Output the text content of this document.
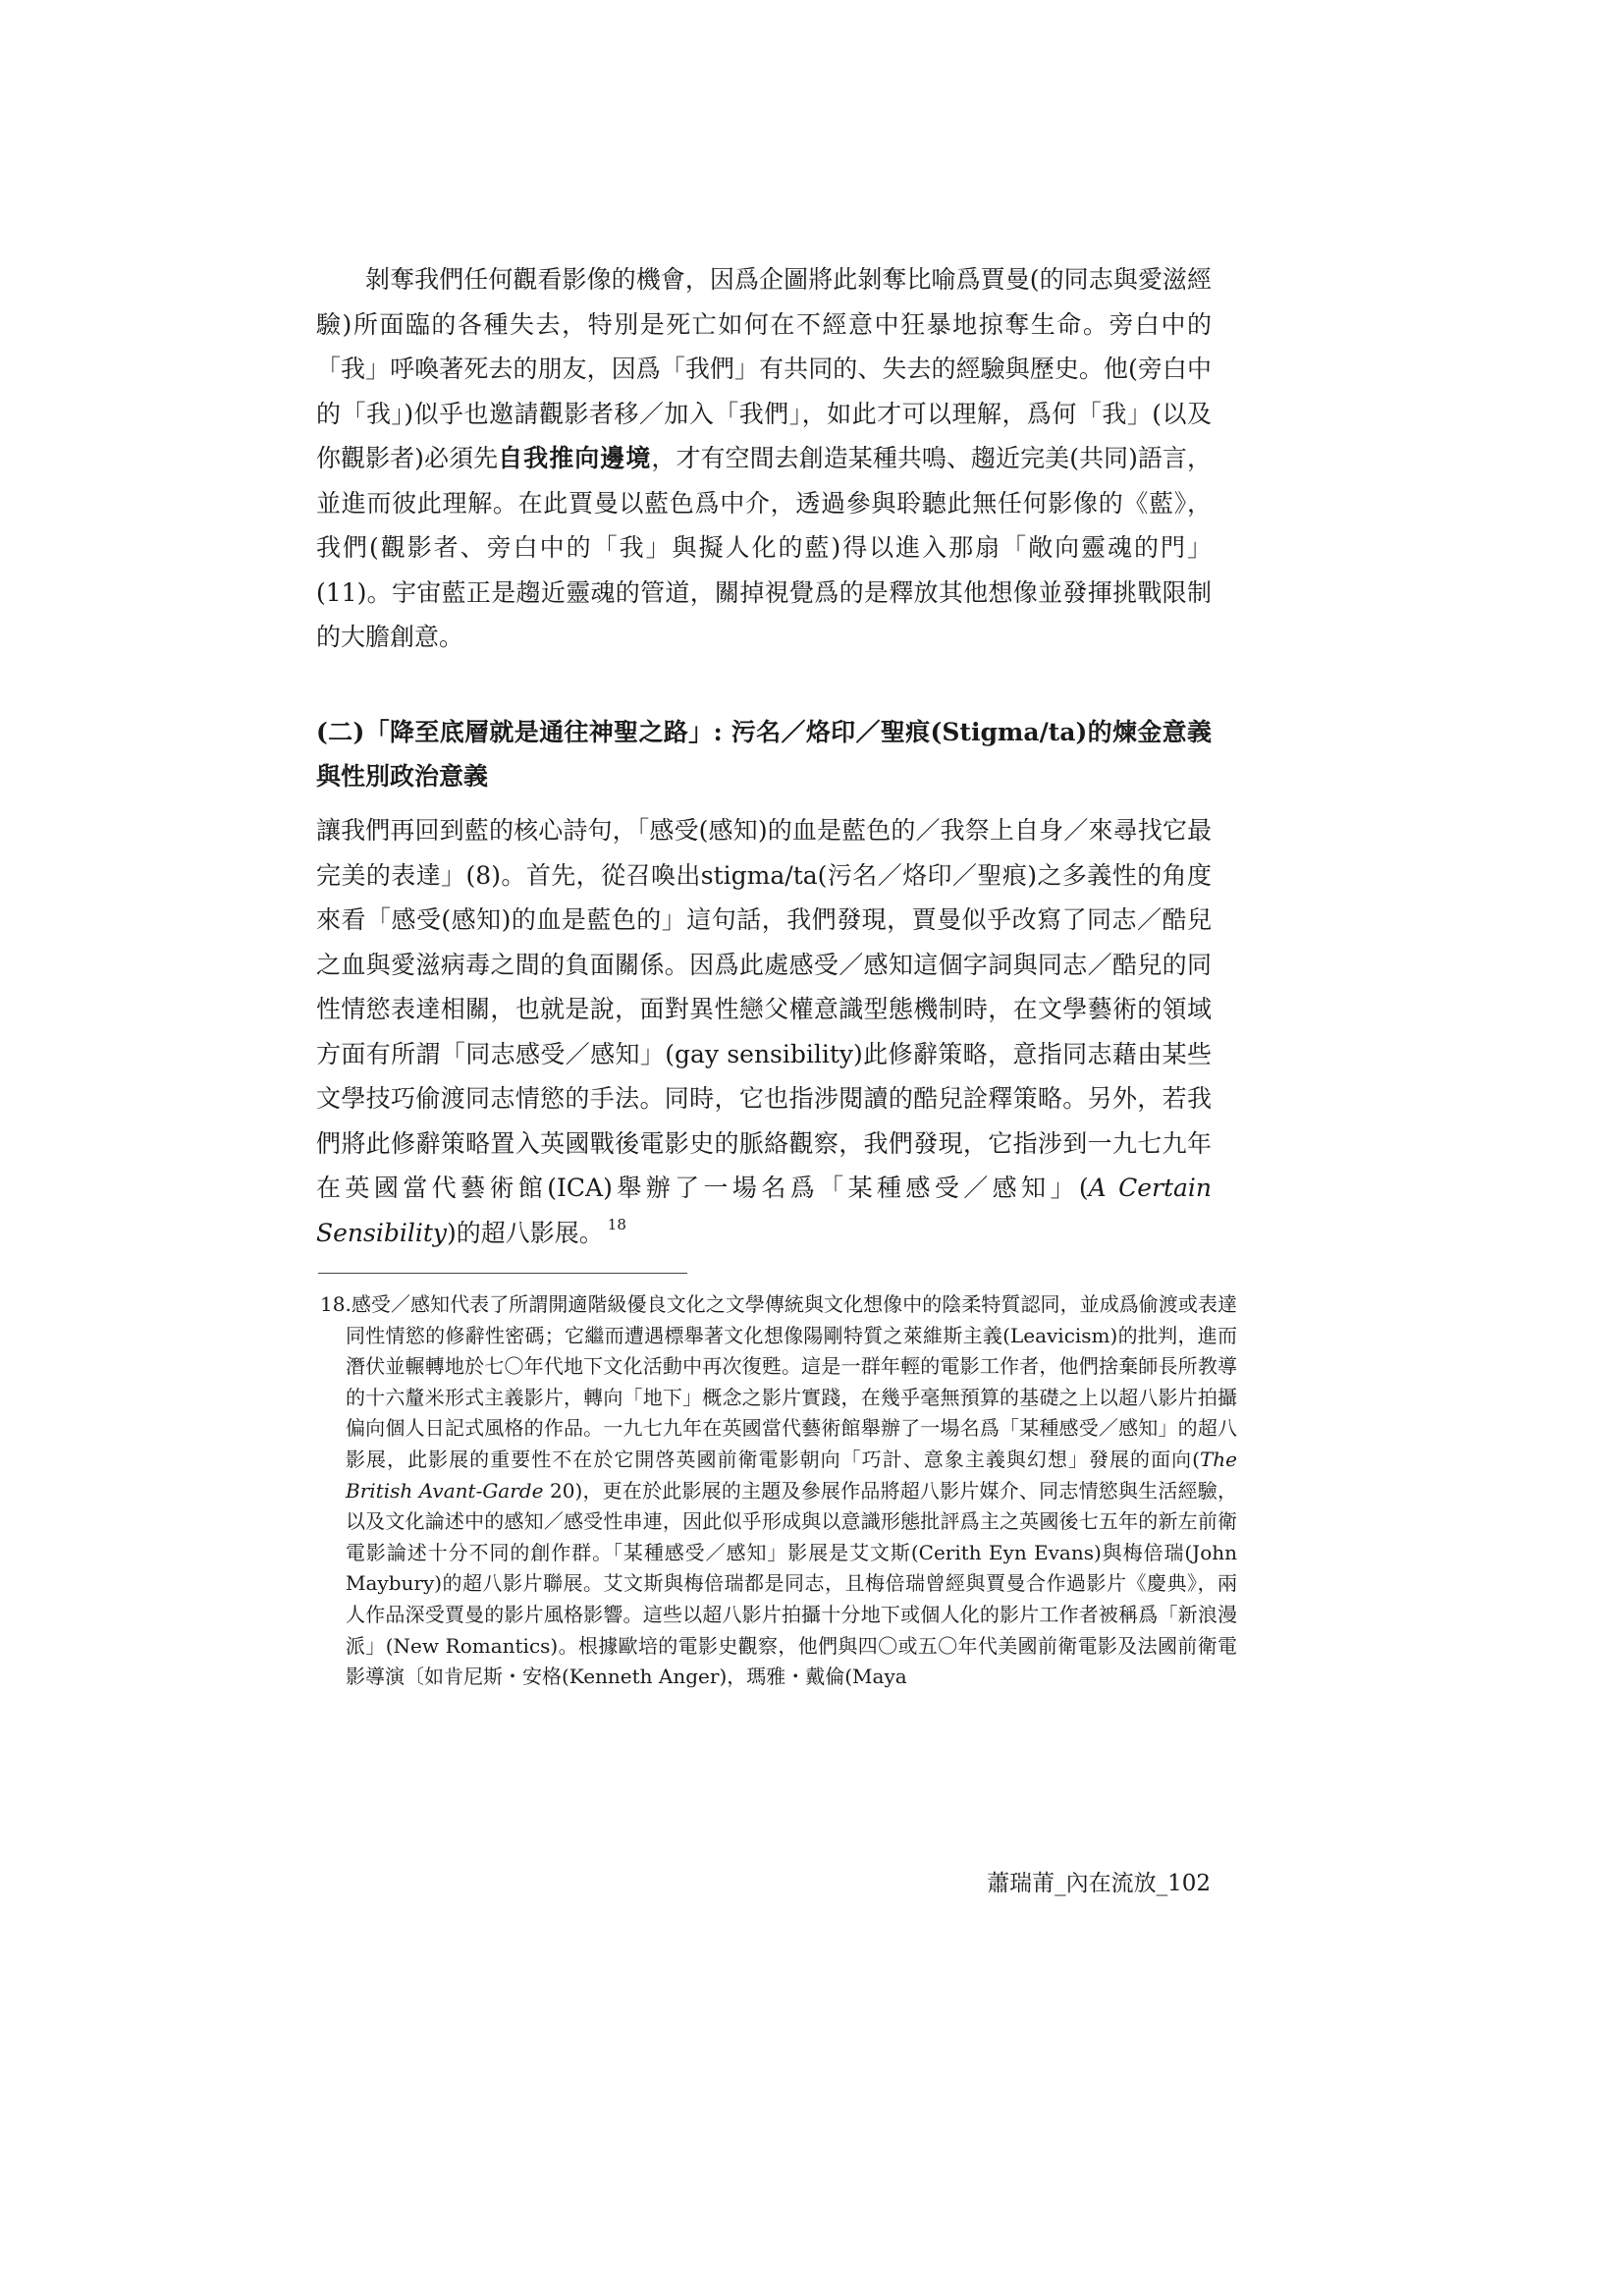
剝奪我們任何觀看影像的機會，因爲企圖將此剝奪比喻爲賈曼(的同志與愛滋經驗)所面臨的各種失去，特別是死亡如何在不經意中狂暴地掠奪生命。旁白中的「我」呼喚著死去的朋友，因爲「我們」有共同的、失去的經驗與歷史。他(旁白中的「我」)似乎也邀請觀影者移／加入「我們」，如此才可以理解，爲何「我」(以及你觀影者)必須先自我推向邊境，才有空間去創造某種共鳴、趨近完美(共同)語言，並進而彼此理解。在此賈曼以藍色爲中介，透過參與聆聽此無任何影像的《藍》，我們(觀影者、旁白中的「我」與擬人化的藍)得以進入那扇「敞向靈魂的門」(11)。宇宙藍正是趨近靈魂的管道，關掉視覺爲的是釋放其他想像並發揮挑戰限制的大膽創意。

(二)「降至底層就是通往神聖之路」: 污名／烙印／聖痕(Stigma/ta)的煉金意義與性別政治意義

讓我們再回到藍的核心詩句，「感受(感知)的血是藍色的／我祭上自身／來尋找它最完美的表達」(8)。首先，從召喚出stigma/ta(污名／烙印／聖痕)之多義性的角度來看「感受(感知)的血是藍色的」這句話，我們發現，賈曼似乎改寫了同志／酷兒之血與愛滋病毒之間的負面關係。因爲此處感受／感知這個字詞與同志／酷兒的同性情慾表達相關，也就是說，面對異性戀父權意識型態機制時，在文學藝術的領域方面有所謂「同志感受／感知」(gay sensibility)此修辭策略，意指同志藉由某些文學技巧偷渡同志情慾的手法。同時，它也指涉閱讀的酷兒詮釋策略。另外，若我們將此修辭策略置入英國戰後電影史的脈絡觀察，我們發現，它指涉到一九七九年在英國當代藝術館(ICA)舉辦了一場名爲「某種感受／感知」(A Certain Sensibility)的超八影展。 $^{18}$

18.感受／感知代表了所謂開適階級優良文化之文學傳統與文化想像中的陰柔特質認同，並成爲偷渡或表達同性情慾的修辭性密碼；它繼而遭遇標舉著文化想像陽剛特質之萊維斯主義(Leavicism)的批判，進而潛伏並輾轉地於七〇年代地下文化活動中再次復甦。這是一群年輕的電影工作者，他們捨棄師長所教導的十六釐米形式主義影片，轉向「地下」概念之影片實踐，在幾乎毫無預算的基礎之上以超八影片拍攝偏向個人日記式風格的作品。一九七九年在英國當代藝術館舉辦了一場名爲「某種感受／感知」的超八影展，此影展的重要性不在於它開啓英國前衛電影朝向「巧計、意象主義與幻想」發展的面向(The British Avant-Garde 20)，更在於此影展的主題及參展作品將超八影片媒介、同志情慾與生活經驗，以及文化論述中的感知／感受性串連，因此似乎形成與以意識形態批評爲主之英國後七五年的新左前衛電影論述十分不同的創作群。「某種感受／感知」影展是艾文斯(Cerith Eyn Evans)與梅倍瑞(John Maybury)的超八影片聯展。艾文斯與梅倍瑞都是同志，且梅倍瑞曾經與賈曼合作過影片《慶典》，兩人作品深受賈曼的影片風格影響。這些以超八影片拍攝十分地下或個人化的影片工作者被稱爲「新浪漫派」(New Romantics)。根據歐培的電影史觀察，他們與四〇或五〇年代美國前衛電影及法國前衛電影導演〔如肯尼斯・安格(Kenneth Anger)，瑪雅・戴倫(Maya

蕭瑞莆_內在流放_102
